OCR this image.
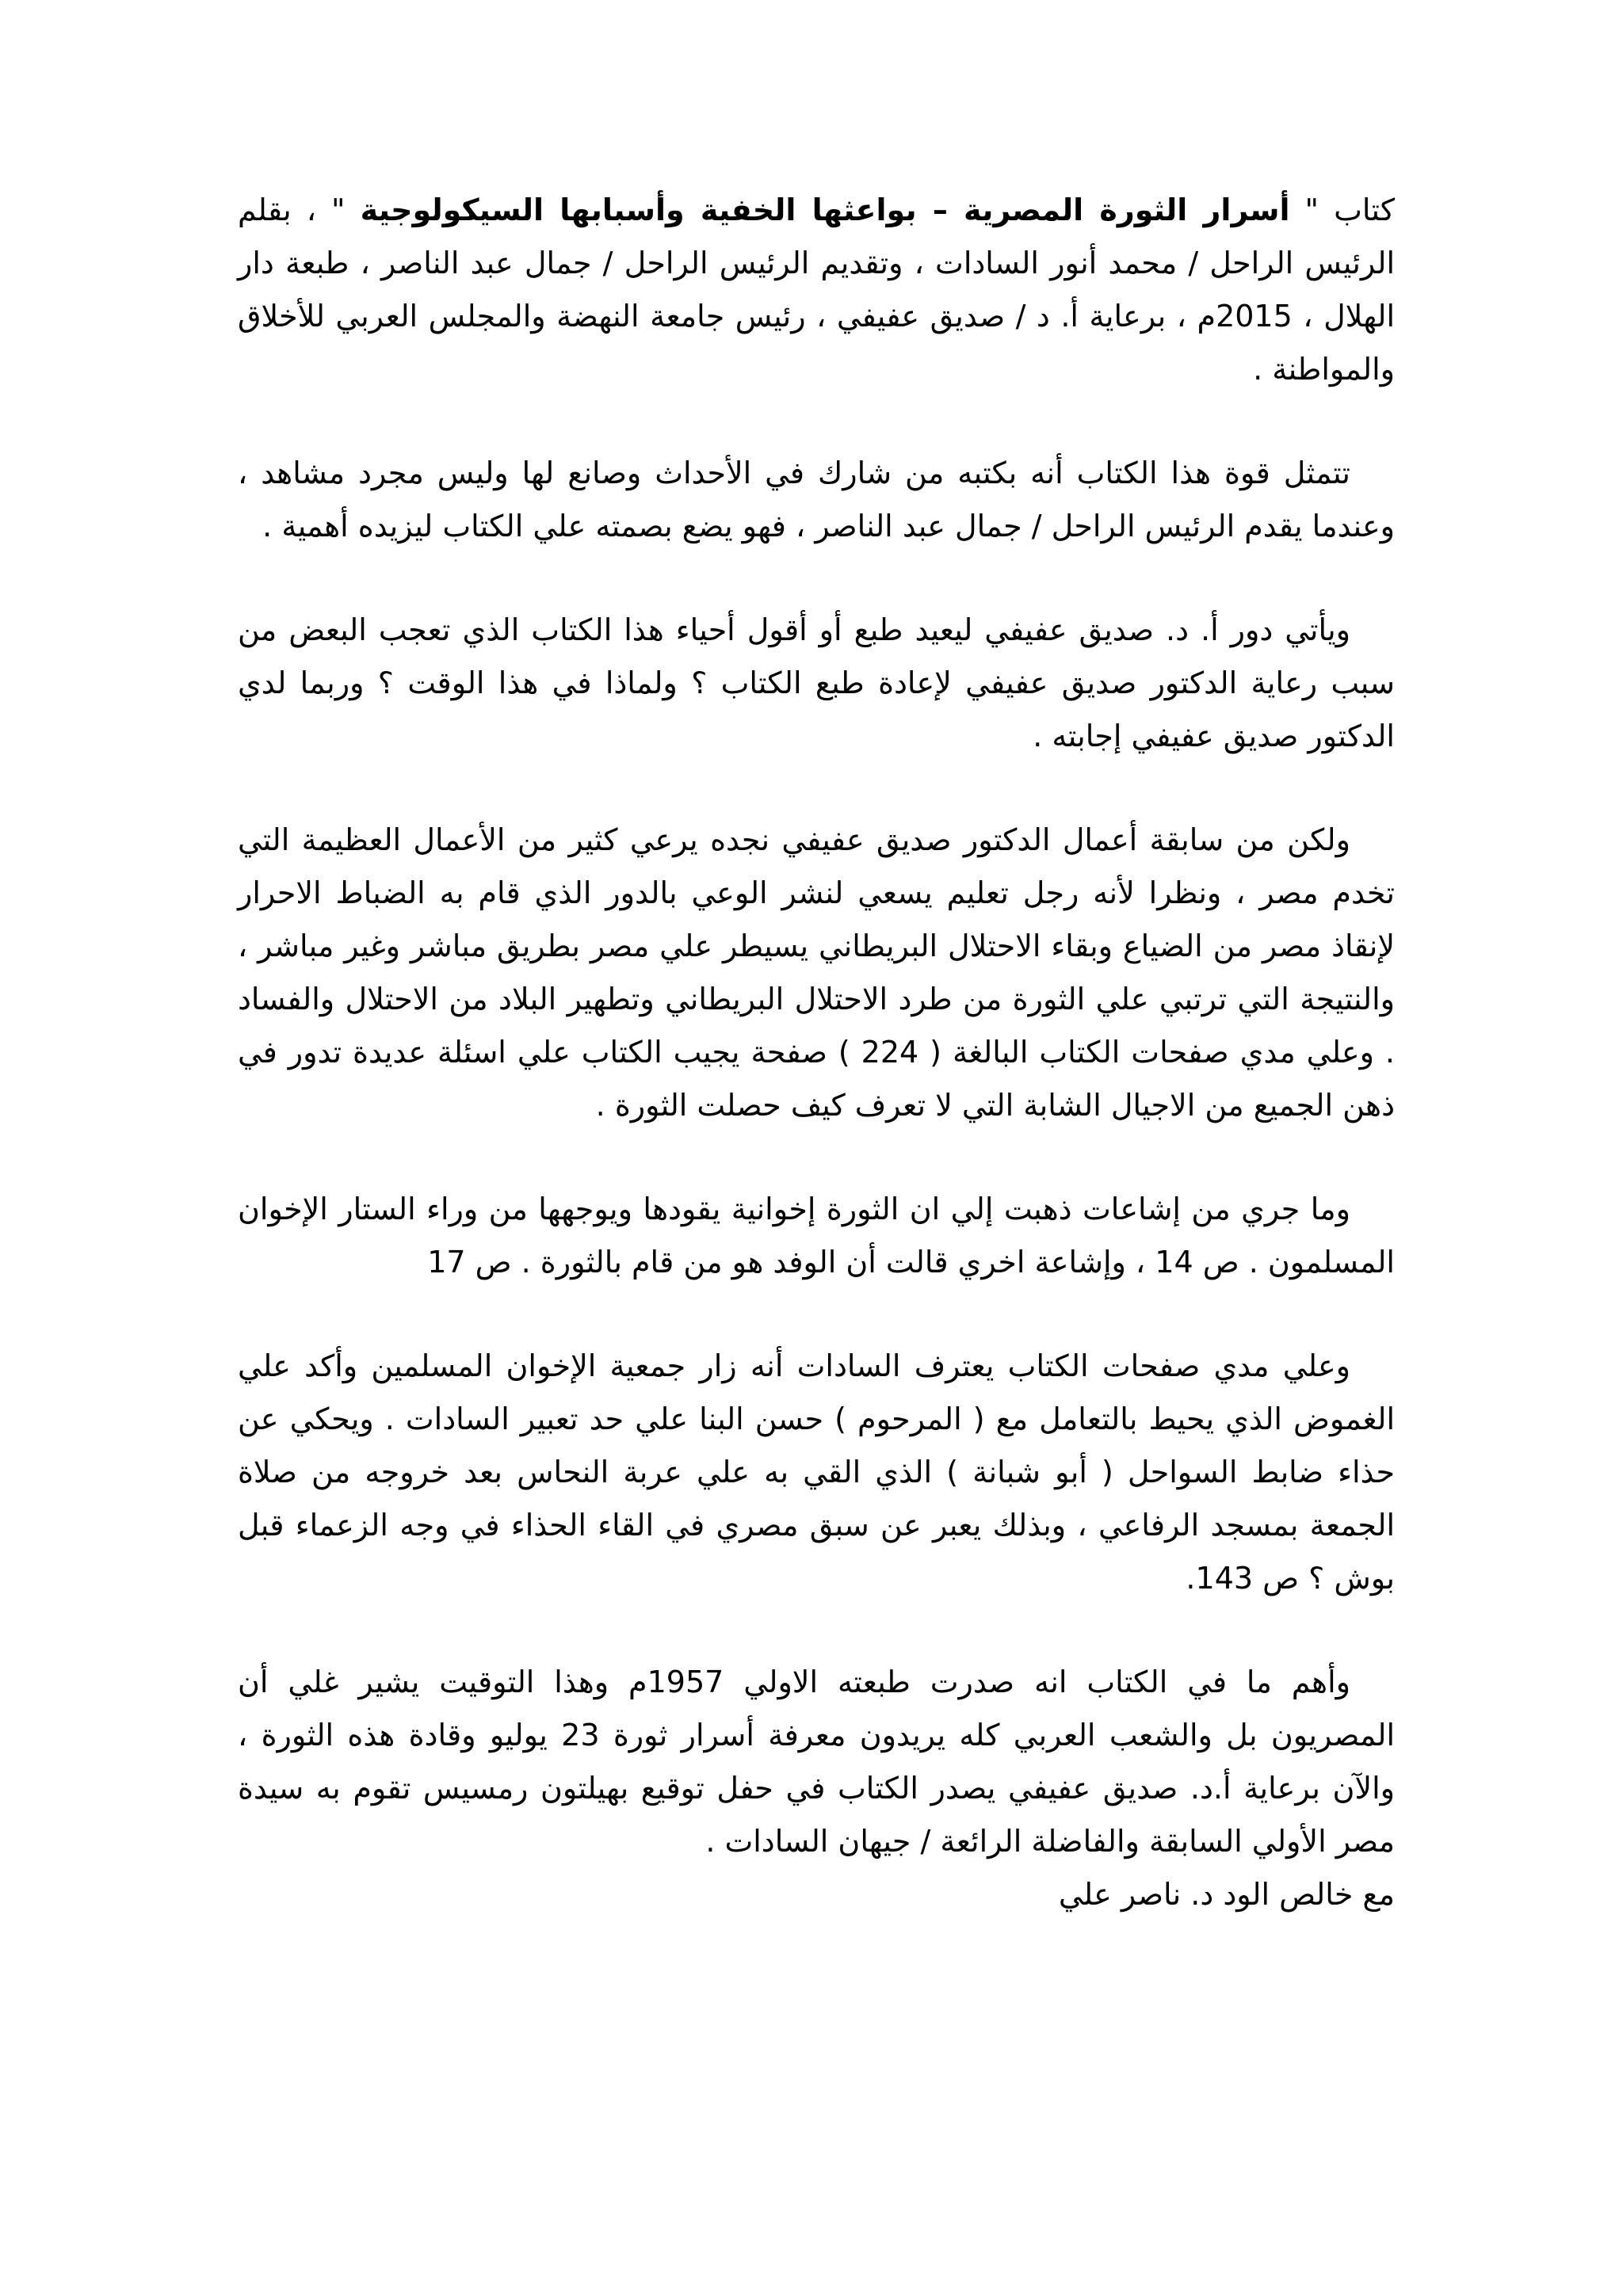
كتاب " أسرار الثورة المصرية – بواعثها الخفية وأسبابها السيكولوجية " ، بقلم الرئيس الراحل / محمد أنور السادات ، وتقديم الرئيس الراحل / جمال عبد الناصر ، طبعة دار الهلال ، 2015م ، برعاية أ. د / صديق عفيفي ، رئيس جامعة النهضة والمجلس العربي للأخلاق والمواطنة .

تتمثل قوة هذا الكتاب أنه بكتبه من شارك في الأحداث وصانع لها وليس مجرد مشاهد ، وعندما يقدم الرئيس الراحل / جمال عبد الناصر ، فهو يضع بصمته علي الكتاب ليزيده أهمية .

ويأتي دور أ. د. صديق عفيفي ليعيد طبع أو أقول أحياء هذا الكتاب الذي تعجب البعض من سبب رعاية الدكتور صديق عفيفي لإعادة طبع الكتاب ؟ ولماذا في هذا الوقت ؟ وربما لدي الدكتور صديق عفيفي إجابته .

ولكن من سابقة أعمال الدكتور صديق عفيفي نجده يرعي كثير من الأعمال العظيمة التي تخدم مصر ، ونظرا لأنه رجل تعليم يسعي لنشر الوعي بالدور الذي قام به الضباط الاحرار لإنقاذ مصر من الضياع وبقاء الاحتلال البريطاني يسيطر علي مصر بطريق مباشر وغير مباشر ، والنتيجة التي ترتبي علي الثورة من طرد الاحتلال البريطاني وتطهير البلاد من الاحتلال والفساد . وعلي مدي صفحات الكتاب البالغة ( 224 ) صفحة يجيب الكتاب علي اسئلة عديدة تدور في ذهن الجميع من الاجيال الشابة التي لا تعرف كيف حصلت الثورة .

وما جري من إشاعات ذهبت إلي ان الثورة إخوانية يقودها ويوجهها من وراء الستار الإخوان المسلمون . ص 14 ، وإشاعة اخري قالت أن الوفد هو من قام بالثورة . ص 17

وعلي مدي صفحات الكتاب يعترف السادات أنه زار جمعية الإخوان المسلمين وأكد علي الغموض الذي يحيط بالتعامل مع ( المرحوم ) حسن البنا علي حد تعبير السادات . ويحكي عن حذاء ضابط السواحل ( أبو شبانة ) الذي القي به علي عربة النحاس بعد خروجه من صلاة الجمعة بمسجد الرفاعي ، وبذلك يعبر عن سبق مصري في القاء الحذاء في وجه الزعماء قبل بوش ؟ ص 143.

وأهم ما في الكتاب انه صدرت طبعته الاولي 1957م وهذا التوقيت يشير غلي أن المصريون بل والشعب العربي كله يريدون معرفة أسرار ثورة 23 يوليو وقادة هذه الثورة ، والآن برعاية أ.د. صديق عفيفي يصدر الكتاب في حفل توقيع بهيلتون رمسيس تقوم به سيدة مصر الأولي السابقة والفاضلة الرائعة / جيهان السادات .

مع خالص الود د. ناصر علي
